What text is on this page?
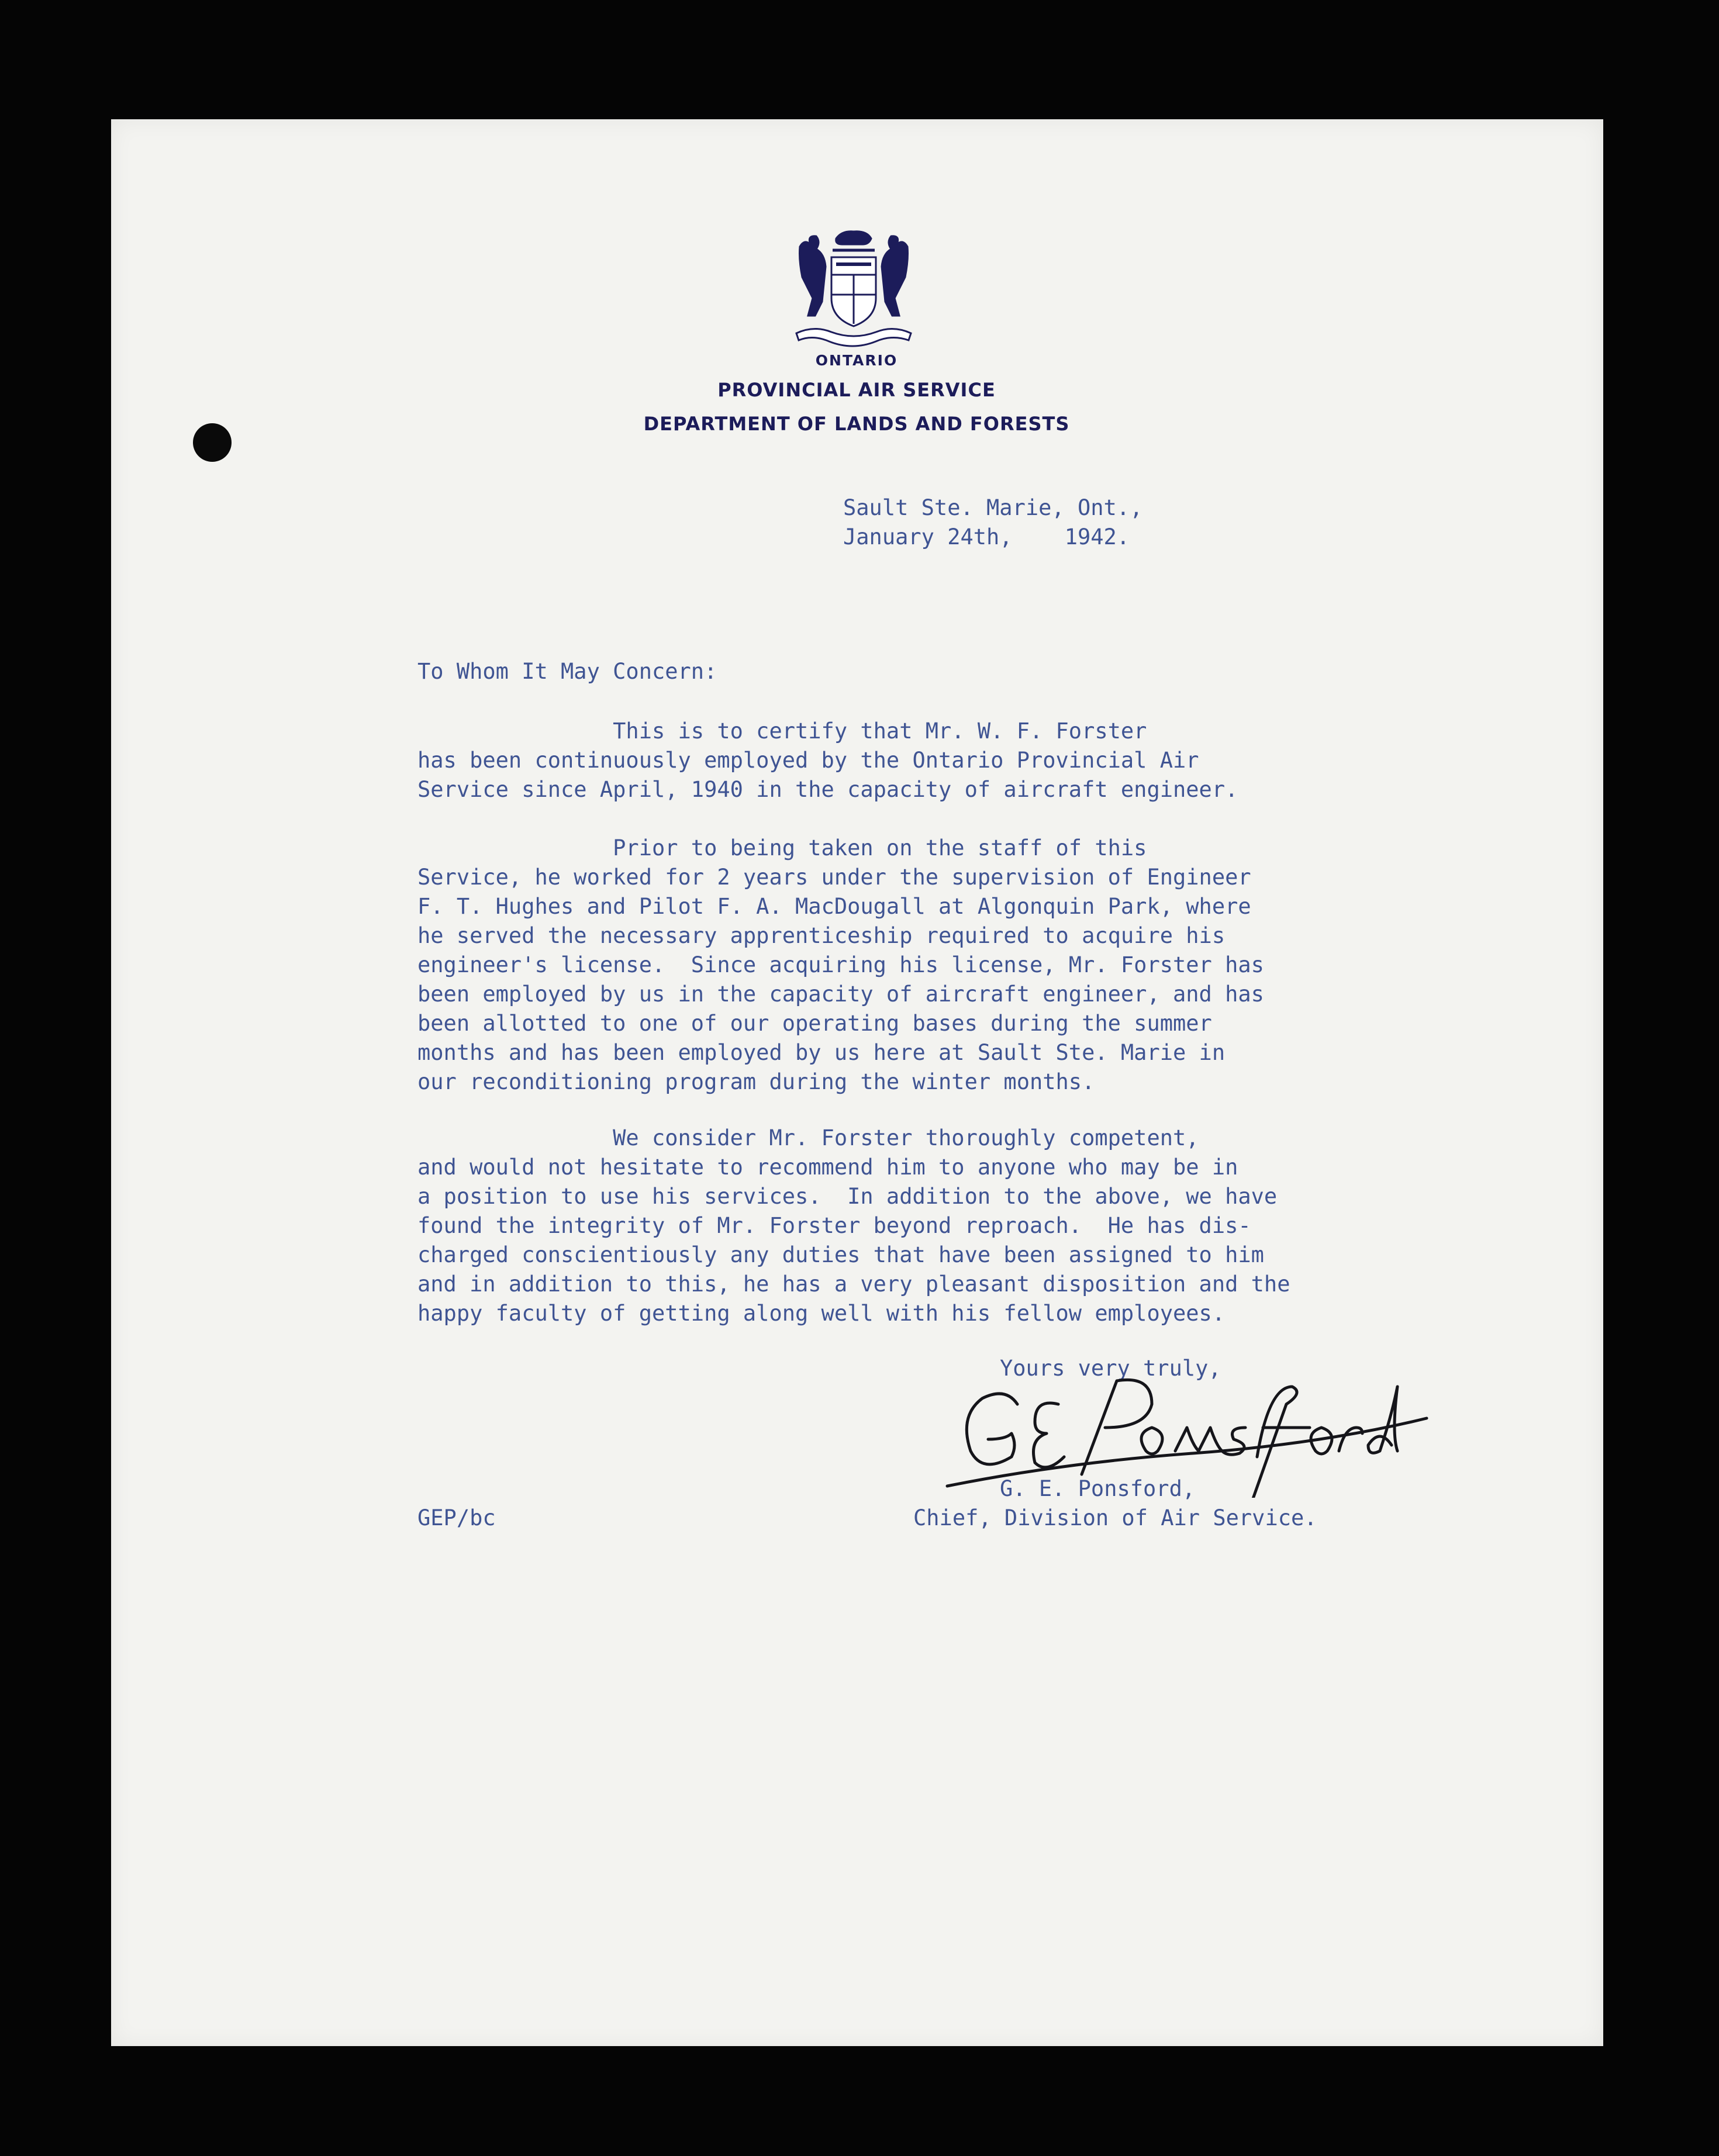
ONTARIO

PROVINCIAL AIR SERVICE

DEPARTMENT OF LANDS AND FORESTS

Sault Ste. Marie, Ont.,

January 24th,    1942.

To Whom It May Concern:

This is to certify that Mr. W. F. Forster
has been continuously employed by the Ontario Provincial Air
Service since April, 1940 in the capacity of aircraft engineer.

Prior to being taken on the staff of this
Service, he worked for 2 years under the supervision of Engineer
F. T. Hughes and Pilot F. A. MacDougall at Algonquin Park, where
he served the necessary apprenticeship required to acquire his
engineer's license.  Since acquiring his license, Mr. Forster has
been employed by us in the capacity of aircraft engineer, and has
been allotted to one of our operating bases during the summer
months and has been employed by us here at Sault Ste. Marie in
our reconditioning program during the winter months.

We consider Mr. Forster thoroughly competent,
and would not hesitate to recommend him to anyone who may be in
a position to use his services.  In addition to the above, we have
found the integrity of Mr. Forster beyond reproach.  He has dis-
charged conscientiously any duties that have been assigned to him
and in addition to this, he has a very pleasant disposition and the
happy faculty of getting along well with his fellow employees.

Yours very truly,

G. E. Ponsford,

Chief, Division of Air Service.

GEP/bc
